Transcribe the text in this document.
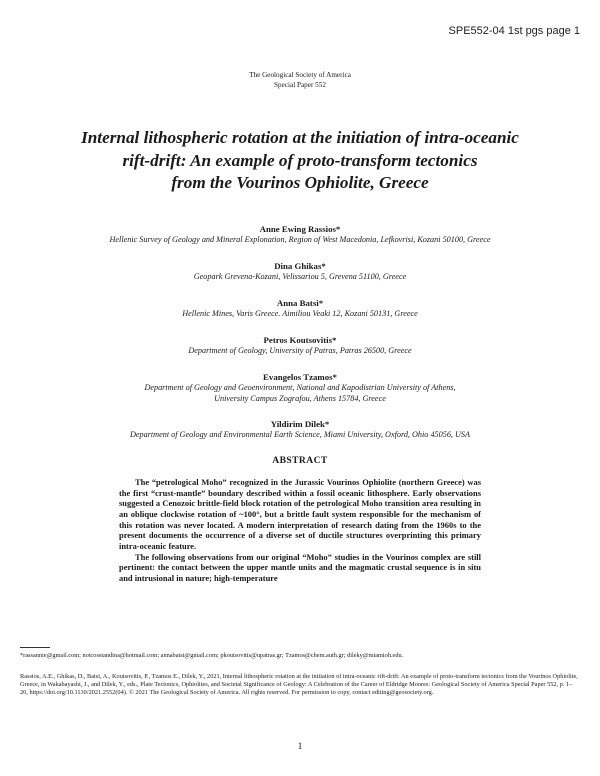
SPE552-04 1st pgs page 1
The Geological Society of America
Special Paper 552
Internal lithospheric rotation at the initiation of intra-oceanic
rift-drift: An example of proto-transform tectonics
from the Vourinos Ophiolite, Greece
Anne Ewing Rassios*
Hellenic Survey of Geology and Mineral Explonation, Region of West Macedonia, Lefkovrisi, Kozani 50100, Greece
Dina Ghikas*
Geopark Grevena-Kozani, Velissariou 5, Grevena 51100, Greece
Anna Batsi*
Hellenic Mines, Varis Greece. Aimiliou Veaki 12, Kozani 50131, Greece
Petros Koutsovitis*
Department of Geology, University of Patras, Patras 26500, Greece
Evangelos Tzamos*
Department of Geology and Geoenvironment, National and Kapodistrian University of Athens,
University Campus Zografou, Athens 15784, Greece
Yildirim Dilek*
Department of Geology and Environmental Earth Science, Miami University, Oxford, Ohio 45056, USA
ABSTRACT

The “petrological Moho” recognized in the Jurassic Vourinos Ophiolite (northern Greece) was the first “crust-mantle” boundary described within a fossil oceanic lithosphere. Early observations suggested a Cenozoic brittle-field block rotation of the petrological Moho transition area resulting in an oblique clockwise rotation of ~100°, but a brittle fault system responsible for the mechanism of this rotation was never located. A modern interpretation of research dating from the 1960s to the present documents the occurrence of a diverse set of ductile structures overprinting this primary intra-oceanic feature.

The following observations from our original “Moho” studies in the Vourinos complex are still pertinent: the contact between the upper mantle units and the magmatic crustal sequence is in situ and intrusional in nature; high-temperature

*rassannie@gmail.com; notcosstandina@hotmail.com; annabatsi@gmail.com; pkoutsovitis@upatras.gr; Tzamos@chem.auth.gr; dileky@miamioh.edu.
Rassios, A.E., Ghikas, D., Batsi, A., Koutsovitis, P., Tzamos E., Dilek, Y., 2021, Internal lithospheric rotation at the initiation of intra-oceanic rift-drift: An example of proto-transform tectonics from the Vourinos Ophiolite, Greece, in Wakabayashi, J., and Dilek, Y., eds., Plate Tectonics, Ophiolites, and Societal Significance of Geology: A Celebration of the Career of Eldridge Moores: Geological Society of America Special Paper 552, p. 1–20, https://doi.org/10.1130/2021.2552(04). © 2021 The Geological Society of America. All rights reserved. For permission to copy, contact editing@geosociety.org.
1
